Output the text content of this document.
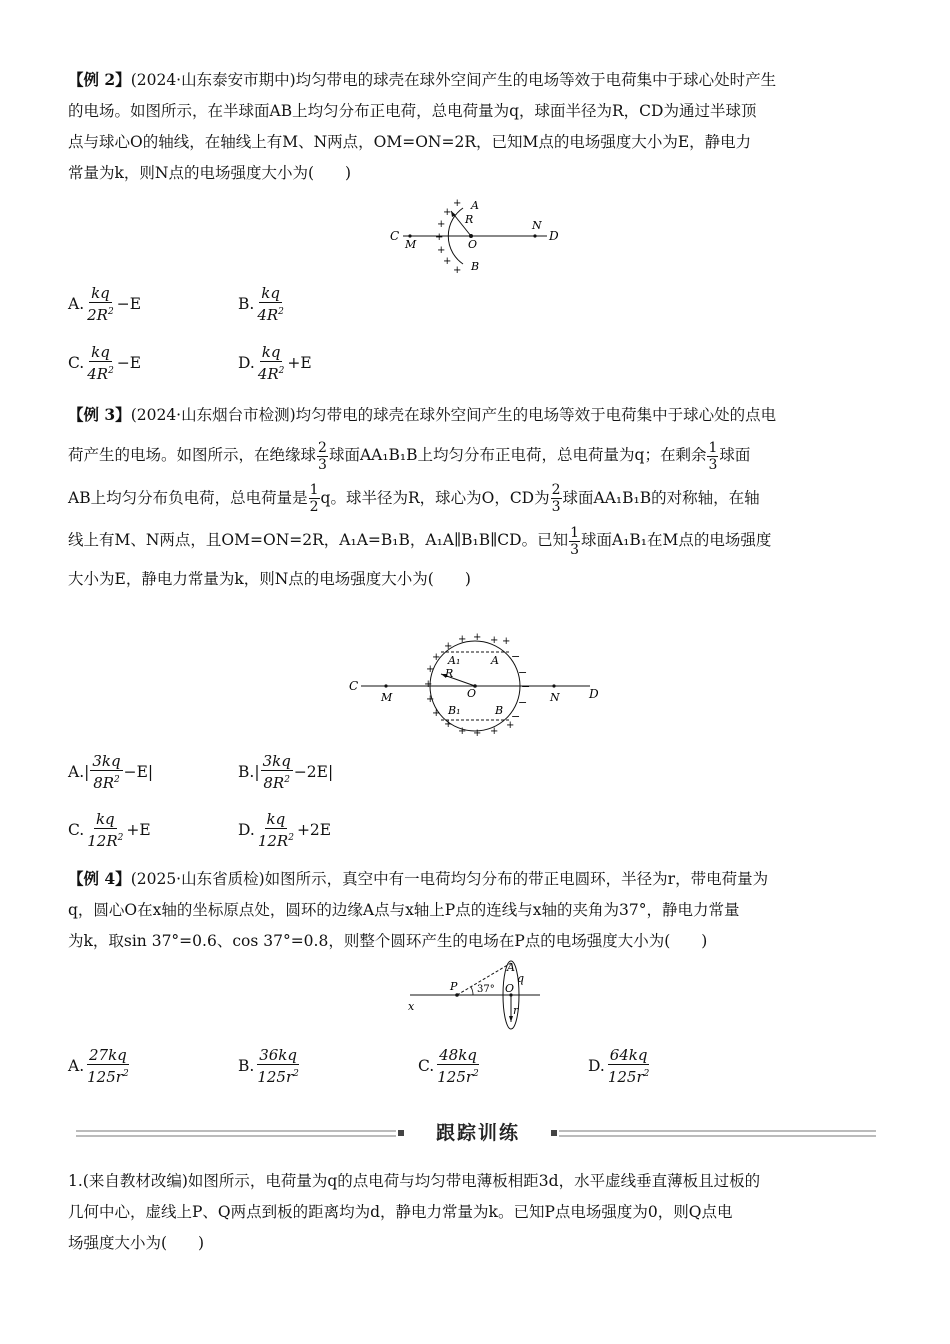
【例 2】(2024·山东泰安市期中)均匀带电的球壳在球外空间产生的电场等效于电荷集中于球心处时产生
的电场。如图所示，在半球面AB上均匀分布正电荷，总电荷量为q，球面半径为R，CD为通过半球顶
点与球心O的轴线，在轴线上有M、N两点，OM=ON=2R，已知M点的电场强度大小为E，静电力
常量为k，则N点的电场强度大小为(　　)
C
M	O
N
D
A
B
R
+
+
+
+
+
+
+
A. $\frac{kq}{2R^2} -E$	B. $\frac{kq}{4R^2}$
C. $\frac{kq}{4R^2} -E$	D. $\frac{kq}{4R^2} +E$
【例 3】(2024·山东烟台市检测)均匀带电的球壳在球外空间产生的电场等效于电荷集中于球心处的点电
荷产生的电场。如图所示，在绝缘球 $\frac{2}{3}$ 球面AA₁B₁B上均匀分布正电荷，总电荷量为q；在剩余 $\frac{1}{3}$ 球面
AB上均匀分布负电荷，总电荷量是 $\frac{1}{2}$ q。球半径为R，球心为O，CD为 $\frac{2}{3}$ 球面AA₁B₁B的对称轴，在轴
线上有M、N两点，且OM=ON=2R，A₁A=B₁B，A₁A∥B₁B∥CD。已知 $\frac{1}{3}$ 球面A₁B₁在M点的电场强度
大小为E，静电力常量为k，则N点的电场强度大小为(　　)
C
M	O	N D
A₁	A
B₁	B
R
+ + +
+
+
+
+
+
+
+
+ + +
+
+
−
−
−
−
−
A. | $\frac{3kq}{8R^2} -E|$	B. | $\frac{3kq}{8R^2} -2E|$
C. $\frac{kq}{12R^2} +E$	D. $\frac{kq}{12R^2} +2E$
【例 4】(2025·山东省质检)如图所示，真空中有一电荷均匀分布的带正电圆环，半径为r，带电荷量为
q，圆心O在x轴的坐标原点处，圆环的边缘A点与x轴上P点的连线与x轴的夹角为37°，静电力常量
为k，取sin 37°=0.6、cos 37°=0.8，则整个圆环产生的电场在P点的电场强度大小为(　　)
x
P 37°
A
q
O
r
A. $\frac{27kq}{125r^2}$	B. $\frac{36kq}{125r^2}$	C. $\frac{48kq}{125r^2}$	D. $\frac{64kq}{125r^2}$
跟踪训练
1.(来自教材改编)如图所示，电荷量为q的点电荷与均匀带电薄板相距3d，水平虚线垂直薄板且过板的
几何中心，虚线上P、Q两点到板的距离均为d，静电力常量为k。已知P点电场强度为0，则Q点电
场强度大小为(　　)
